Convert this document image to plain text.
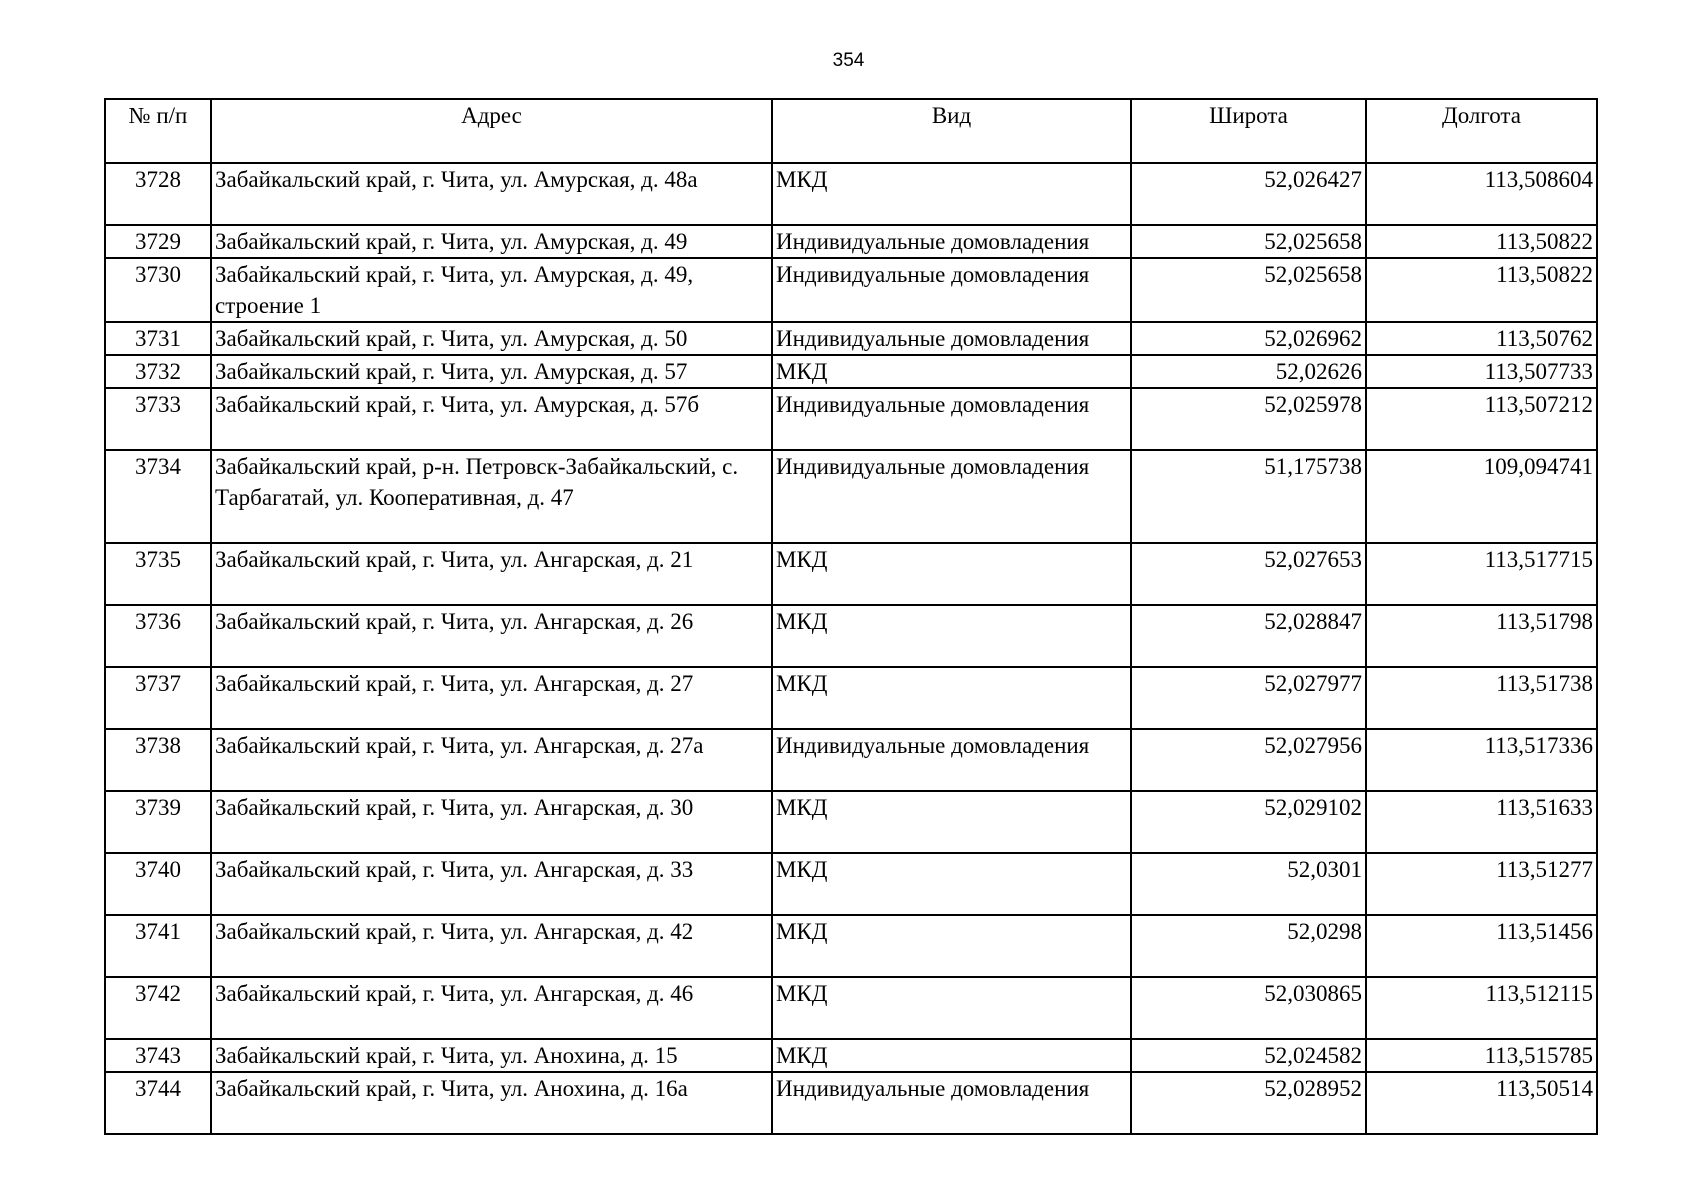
354
№ п/п	Адрес	Вид	Широта	Долгота
3728	Забайкальский край, г. Чита, ул. Амурская, д. 48а	МКД	52,026427	113,508604
3729	Забайкальский край, г. Чита, ул. Амурская, д. 49	Индивидуальные домовладения	52,025658	113,50822
3730	Забайкальский край, г. Чита, ул. Амурская, д. 49, строение 1	Индивидуальные домовладения	52,025658	113,50822
3731	Забайкальский край, г. Чита, ул. Амурская, д. 50	Индивидуальные домовладения	52,026962	113,50762
3732	Забайкальский край, г. Чита, ул. Амурская, д. 57	МКД	52,02626	113,507733
3733	Забайкальский край, г. Чита, ул. Амурская, д. 57б	Индивидуальные домовладения	52,025978	113,507212
3734	Забайкальский край, р-н. Петровск-Забайкальский, с. Тарбагатай, ул. Кооперативная, д. 47	Индивидуальные домовладения	51,175738	109,094741
3735	Забайкальский край, г. Чита, ул. Ангарская, д. 21	МКД	52,027653	113,517715
3736	Забайкальский край, г. Чита, ул. Ангарская, д. 26	МКД	52,028847	113,51798
3737	Забайкальский край, г. Чита, ул. Ангарская, д. 27	МКД	52,027977	113,51738
3738	Забайкальский край, г. Чита, ул. Ангарская, д. 27а	Индивидуальные домовладения	52,027956	113,517336
3739	Забайкальский край, г. Чита, ул. Ангарская, д. 30	МКД	52,029102	113,51633
3740	Забайкальский край, г. Чита, ул. Ангарская, д. 33	МКД	52,0301	113,51277
3741	Забайкальский край, г. Чита, ул. Ангарская, д. 42	МКД	52,0298	113,51456
3742	Забайкальский край, г. Чита, ул. Ангарская, д. 46	МКД	52,030865	113,512115
3743	Забайкальский край, г. Чита, ул. Анохина, д. 15	МКД	52,024582	113,515785
3744	Забайкальский край, г. Чита, ул. Анохина, д. 16а	Индивидуальные домовладения	52,028952	113,50514
